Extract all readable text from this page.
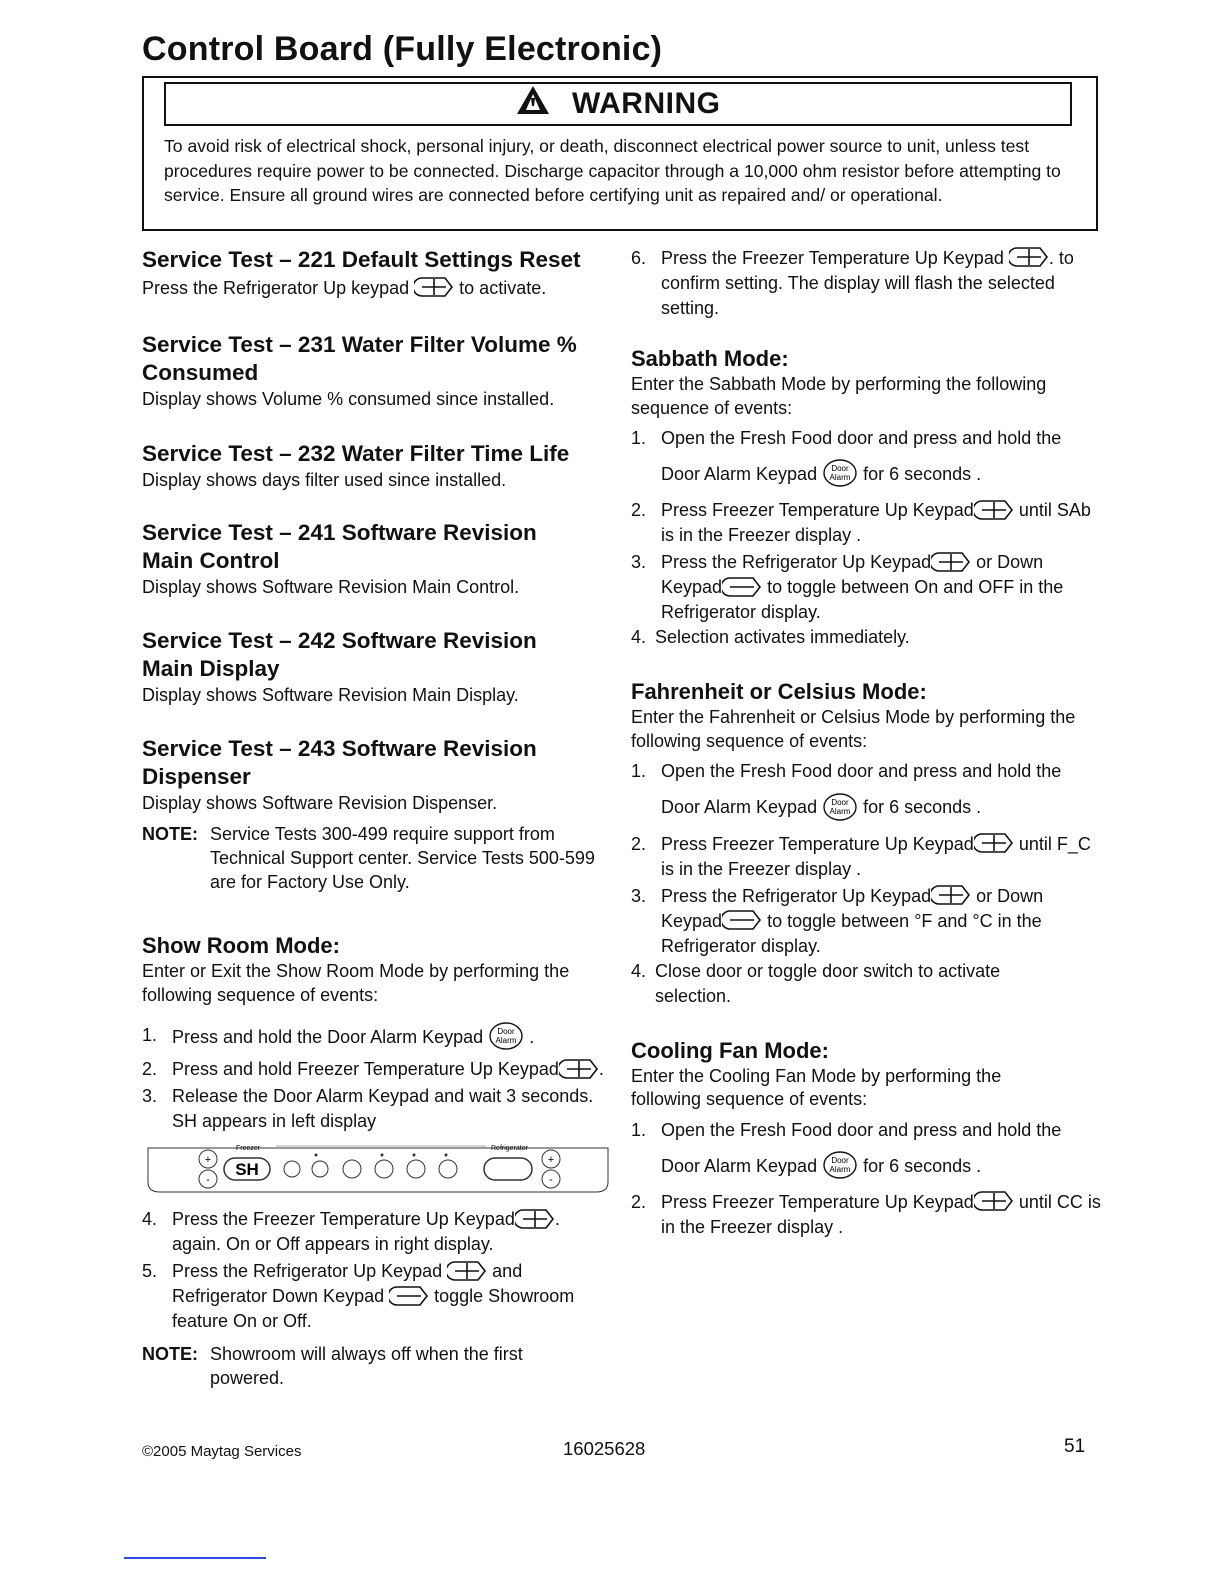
Control Board (Fully Electronic)
WARNING
To avoid risk of electrical shock, personal injury, or death, disconnect electrical power source to unit, unless test procedures require power to be connected. Discharge capacitor through a 10,000 ohm resistor before attempting to service. Ensure all ground wires are connected before certifying unit as repaired and/ or operational.
Service Test – 221 Default Settings Reset
Press the Refrigerator Up keypad	to activate.
Service Test – 231 Water Filter Volume % Consumed
Display shows Volume % consumed since installed.
Service Test – 232 Water Filter Time Life
Display shows days filter used since installed.
Service Test – 241 Software Revision Main Control
Display shows Software Revision Main Control.
Service Test – 242 Software Revision Main Display
Display shows Software Revision Main Display.
Service Test – 243 Software Revision Dispenser
Display shows Software Revision Dispenser.
NOTE: Service Tests 300-499 require support from Technical Support center. Service Tests 500-599 are for Factory Use Only.
Show Room Mode:
Enter or Exit the Show Room Mode by performing the following sequence of events:
1. Press and hold the Door Alarm Keypad Door
Alarm .
2. Press and hold Freezer Temperature Up Keypad .
3. Release the Door Alarm Keypad and wait 3 seconds. SH appears in left display
Freezer	Refrigerator
+
-
SH	+
-
4. Press the Freezer Temperature Up Keypad . again. On or Off appears in right display.
5. Press the Refrigerator Up Keypad	and
Refrigerator Down Keypad	toggle Showroom feature On or Off.
NOTE: Showroom will always off when the first powered.
6. Press the Freezer Temperature Up Keypad	. to confirm setting. The display will flash the selected setting.
Sabbath Mode:
Enter the Sabbath Mode by performing the following sequence of events:
1. Open the Fresh Food door and press and hold the
Door Alarm Keypad Door
Alarm for 6 seconds .
2. Press Freezer Temperature Up Keypad	until SAb is in the Freezer display .
3. Press the Refrigerator Up Keypad	or Down Keypad	to toggle between On and OFF in the Refrigerator display.
4. Selection activates immediately.
Fahrenheit or Celsius Mode:
Enter the Fahrenheit or Celsius Mode by performing the following sequence of events:
1. Open the Fresh Food door and press and hold the
Door Alarm Keypad Door
Alarm for 6 seconds .
2. Press Freezer Temperature Up Keypad	until F_C is in the Freezer display .
3. Press the Refrigerator Up Keypad	or Down Keypad	to toggle between °F and °C in the Refrigerator display.
4. Close door or toggle door switch to activate selection.
Cooling Fan Mode:
Enter the Cooling Fan Mode by performing the following sequence of events:
1. Open the Fresh Food door and press and hold the
Door Alarm Keypad Door
Alarm for 6 seconds .
2. Press Freezer Temperature Up Keypad	until CC is in the Freezer display .
©2005 Maytag Services	16025628	51
